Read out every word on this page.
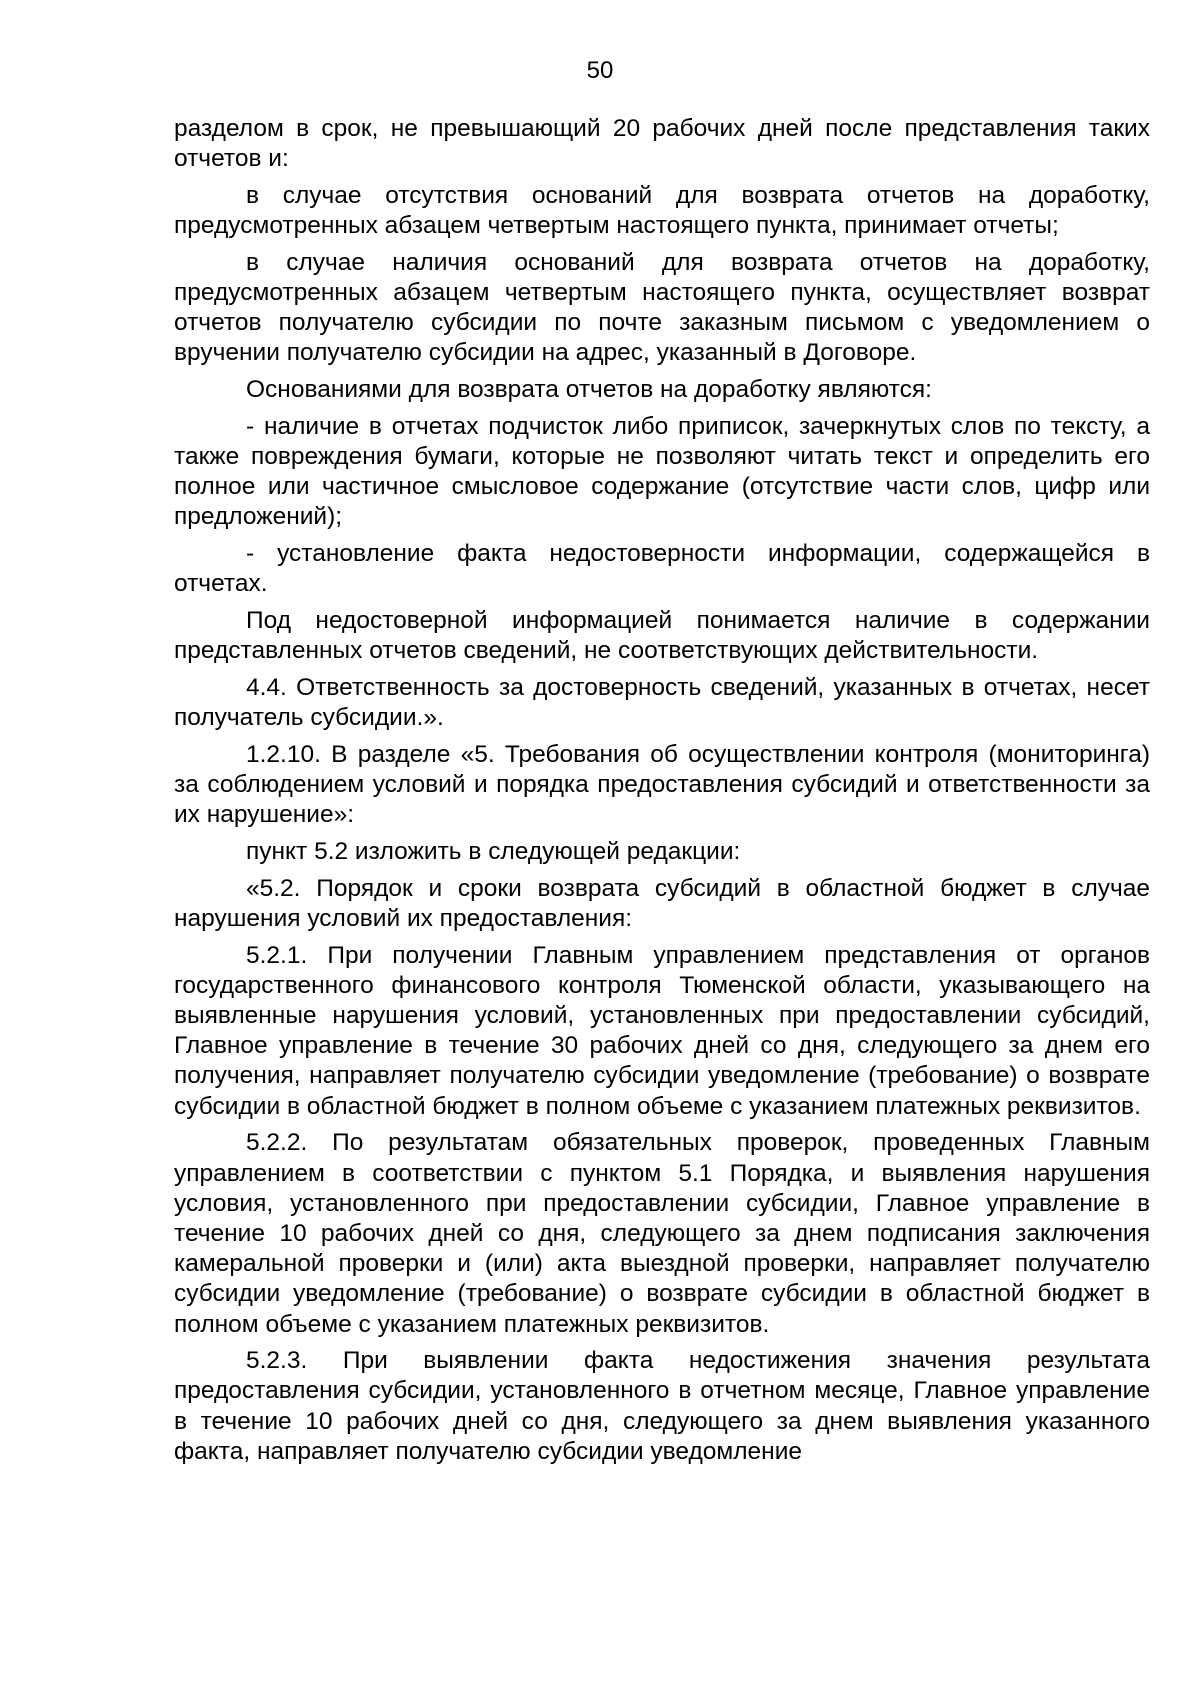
50

разделом в срок, не превышающий 20 рабочих дней после представления таких отчетов и:

в случае отсутствия оснований для возврата отчетов на доработку, предусмотренных абзацем четвертым настоящего пункта, принимает отчеты;

в случае наличия оснований для возврата отчетов на доработку, предусмотренных абзацем четвертым настоящего пункта, осуществляет возврат отчетов получателю субсидии по почте заказным письмом с уведомлением о вручении получателю субсидии на адрес, указанный в Договоре.

Основаниями для возврата отчетов на доработку являются:

- наличие в отчетах подчисток либо приписок, зачеркнутых слов по тексту, а также повреждения бумаги, которые не позволяют читать текст и определить его полное или частичное смысловое содержание (отсутствие части слов, цифр или предложений);

- установление факта недостоверности информации, содержащейся в отчетах.

Под недостоверной информацией понимается наличие в содержании представленных отчетов сведений, не соответствующих действительности.

4.4. Ответственность за достоверность сведений, указанных в отчетах, несет получатель субсидии.».

1.2.10. В разделе «5. Требования об осуществлении контроля (мониторинга) за соблюдением условий и порядка предоставления субсидий и ответственности за их нарушение»:

пункт 5.2 изложить в следующей редакции:

«5.2. Порядок и сроки возврата субсидий в областной бюджет в случае нарушения условий их предоставления:

5.2.1. При получении Главным управлением представления от органов государственного финансового контроля Тюменской области, указывающего на выявленные нарушения условий, установленных при предоставлении субсидий, Главное управление в течение 30 рабочих дней со дня, следующего за днем его получения, направляет получателю субсидии уведомление (требование) о возврате субсидии в областной бюджет в полном объеме с указанием платежных реквизитов.

5.2.2. По результатам обязательных проверок, проведенных Главным управлением в соответствии с пунктом 5.1 Порядка, и выявления нарушения условия, установленного при предоставлении субсидии, Главное управление в течение 10 рабочих дней со дня, следующего за днем подписания заключения камеральной проверки и (или) акта выездной проверки, направляет получателю субсидии уведомление (требование) о возврате субсидии в областной бюджет в полном объеме с указанием платежных реквизитов.

5.2.3. При выявлении факта недостижения значения результата предоставления субсидии, установленного в отчетном месяце, Главное управление в течение 10 рабочих дней со дня, следующего за днем выявления указанного факта, направляет получателю субсидии уведомление
